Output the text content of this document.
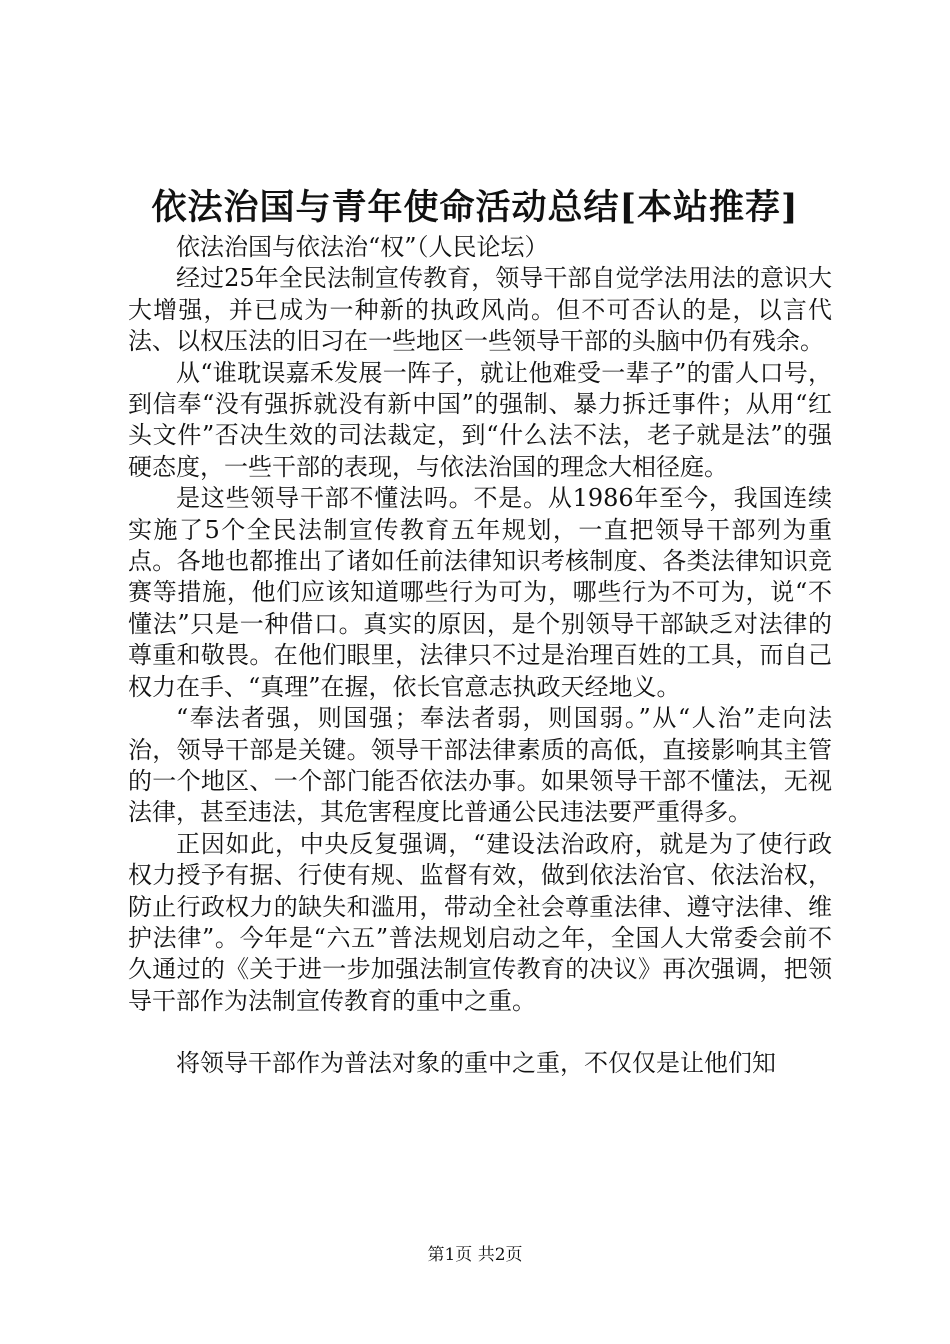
依法治国与青年使命活动总结[本站推荐]

依法治国与依法治“权”（人民论坛）

经过25年全民法制宣传教育，领导干部自觉学法用法的意识大大增强，并已成为一种新的执政风尚。但不可否认的是，以言代法、以权压法的旧习在一些地区一些领导干部的头脑中仍有残余。

从“谁耽误嘉禾发展一阵子，就让他难受一辈子”的雷人口号，到信奉“没有强拆就没有新中国”的强制、暴力拆迁事件；从用“红头文件”否决生效的司法裁定，到“什么法不法，老子就是法”的强硬态度，一些干部的表现，与依法治国的理念大相径庭。

是这些领导干部不懂法吗。不是。从1986年至今，我国连续实施了5个全民法制宣传教育五年规划，一直把领导干部列为重点。各地也都推出了诸如任前法律知识考核制度、各类法律知识竞赛等措施，他们应该知道哪些行为可为，哪些行为不可为，说“不懂法”只是一种借口。真实的原因，是个别领导干部缺乏对法律的尊重和敬畏。在他们眼里，法律只不过是治理百姓的工具，而自己权力在手、“真理”在握，依长官意志执政天经地义。

“奉法者强，则国强；奉法者弱，则国弱。”从“人治”走向法治，领导干部是关键。领导干部法律素质的高低，直接影响其主管的一个地区、一个部门能否依法办事。如果领导干部不懂法，无视法律，甚至违法，其危害程度比普通公民违法要严重得多。

正因如此，中央反复强调，“建设法治政府，就是为了使行政权力授予有据、行使有规、监督有效，做到依法治官、依法治权，防止行政权力的缺失和滥用，带动全社会尊重法律、遵守法律、维护法律”。今年是“六五”普法规划启动之年，全国人大常委会前不久通过的《关于进一步加强法制宣传教育的决议》再次强调，把领导干部作为法制宣传教育的重中之重。

将领导干部作为普法对象的重中之重，不仅仅是让他们知

第1页 共2页
